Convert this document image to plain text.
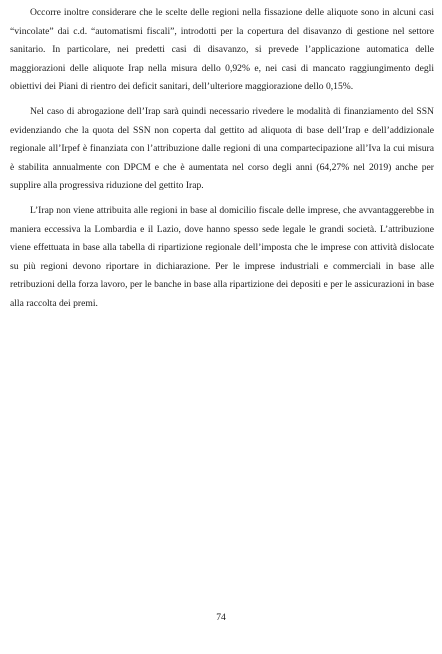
Occorre inoltre considerare che le scelte delle regioni nella fissazione delle aliquote sono in alcuni casi “vincolate” dai c.d. “automatismi fiscali”, introdotti per la copertura del disavanzo di gestione nel settore sanitario. In particolare, nei predetti casi di disavanzo, si prevede l’applicazione automatica delle maggiorazioni delle aliquote Irap nella misura dello 0,92% e, nei casi di mancato raggiungimento degli obiettivi dei Piani di rientro dei deficit sanitari, dell’ulteriore maggiorazione dello 0,15%.

Nel caso di abrogazione dell’Irap sarà quindi necessario rivedere le modalità di finanziamento del SSN evidenziando che la quota del SSN non coperta dal gettito ad aliquota di base dell’Irap e dell’addizionale regionale all’Irpef è finanziata con l’attribuzione dalle regioni di una compartecipazione all’Iva la cui misura è stabilita annualmente con DPCM e che è aumentata nel corso degli anni (64,27% nel 2019) anche per supplire alla progressiva riduzione del gettito Irap.

L’Irap non viene attribuita alle regioni in base al domicilio fiscale delle imprese, che avvantaggerebbe in maniera eccessiva la Lombardia e il Lazio, dove hanno spesso sede legale le grandi società. L’attribuzione viene effettuata in base alla tabella di ripartizione regionale dell’imposta che le imprese con attività dislocate su più regioni devono riportare in dichiarazione. Per le imprese industriali e commerciali in base alle retribuzioni della forza lavoro, per le banche in base alla ripartizione dei depositi e per le assicurazioni in base alla raccolta dei premi.

74
